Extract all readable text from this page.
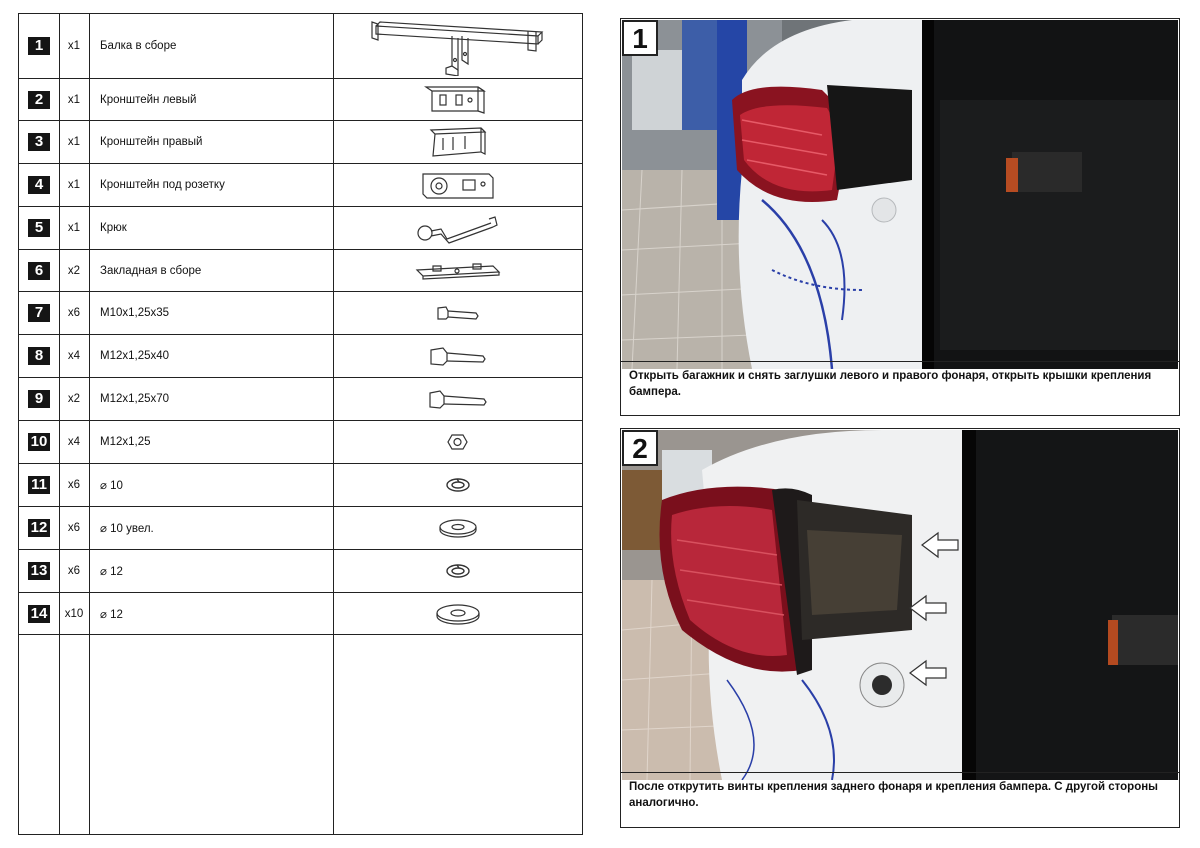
1	x1	Балка в сборе
2	x1	Кронштейн левый
3	x1	Кронштейн правый
4	x1	Кронштейн под розетку
5	x1	Крюк
6	x2	Закладная в сборе
7	x6	M10x1,25x35
8	x4	M12x1,25x40
9	x2	M12x1,25x70
10	x4	M12x1,25
11	x6	⌀ 10
12	x6	⌀ 10 увел.
13	x6	⌀ 12
14	x10	⌀ 12
1
Открыть багажник и снять заглушки левого и правого фонаря, открыть крышки крепления бампера.
2
После открутить винты крепления заднего фонаря и крепления бампера. С другой стороны аналогично.
